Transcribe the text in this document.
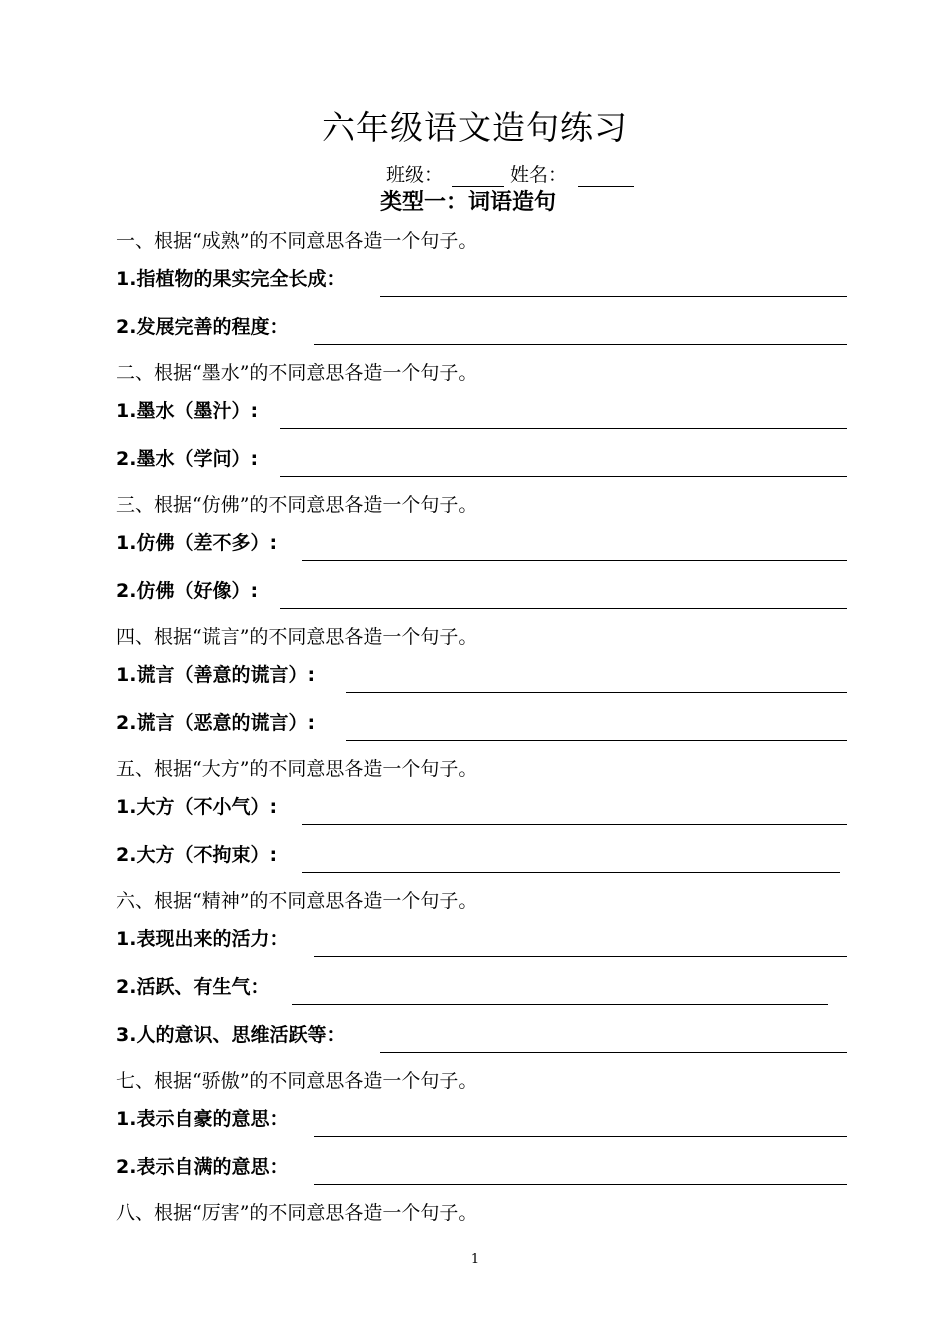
六年级语文造句练习
班级：	姓名：
类型一：词语造句
一、根据“成熟”的不同意思各造一个句子。
1.指植物的果实完全长成：
2.发展完善的程度：
二、根据“墨水”的不同意思各造一个句子。
1.墨水（墨汁）:
2.墨水（学问）:
三、根据“仿佛”的不同意思各造一个句子。
1.仿佛（差不多）:
2.仿佛（好像）:
四、根据“谎言”的不同意思各造一个句子。
1.谎言（善意的谎言）:
2.谎言（恶意的谎言）:
五、根据“大方”的不同意思各造一个句子。
1.大方（不小气）:
2.大方（不拘束）:
六、根据“精神”的不同意思各造一个句子。
1.表现出来的活力：
2.活跃、有生气：
3.人的意识、思维活跃等：
七、根据“骄傲”的不同意思各造一个句子。
1.表示自豪的意思：
2.表示自满的意思：
八、根据“厉害”的不同意思各造一个句子。
1
